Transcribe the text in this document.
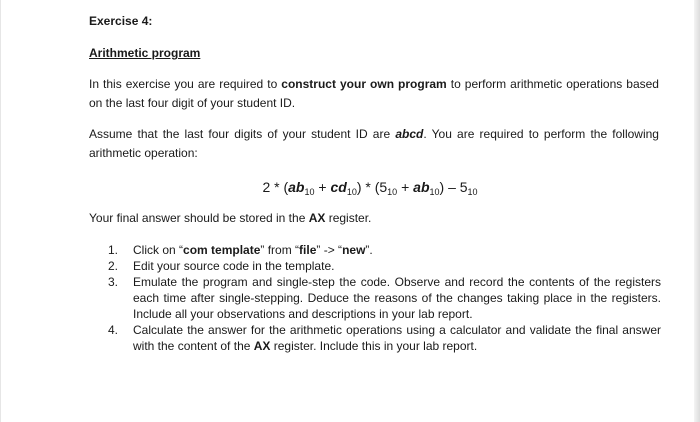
Exercise 4:
Arithmetic program
In this exercise you are required to construct your own program to perform arithmetic operations based on the last four digit of your student ID.
Assume that the last four digits of your student ID are abcd. You are required to perform the following arithmetic operation:
$2 * (ab_{10} + cd_{10}) * (5_{10} + ab_{10}) - 5_{10}$
Your final answer should be stored in the AX register.
1. Click on “com template” from “file” -> “new”.
2. Edit your source code in the template.
3. Emulate the program and single-step the code. Observe and record the contents of the registers each time after single-stepping. Deduce the reasons of the changes taking place in the registers. Include all your observations and descriptions in your lab report.
4. Calculate the answer for the arithmetic operations using a calculator and validate the final answer with the content of the AX register. Include this in your lab report.
